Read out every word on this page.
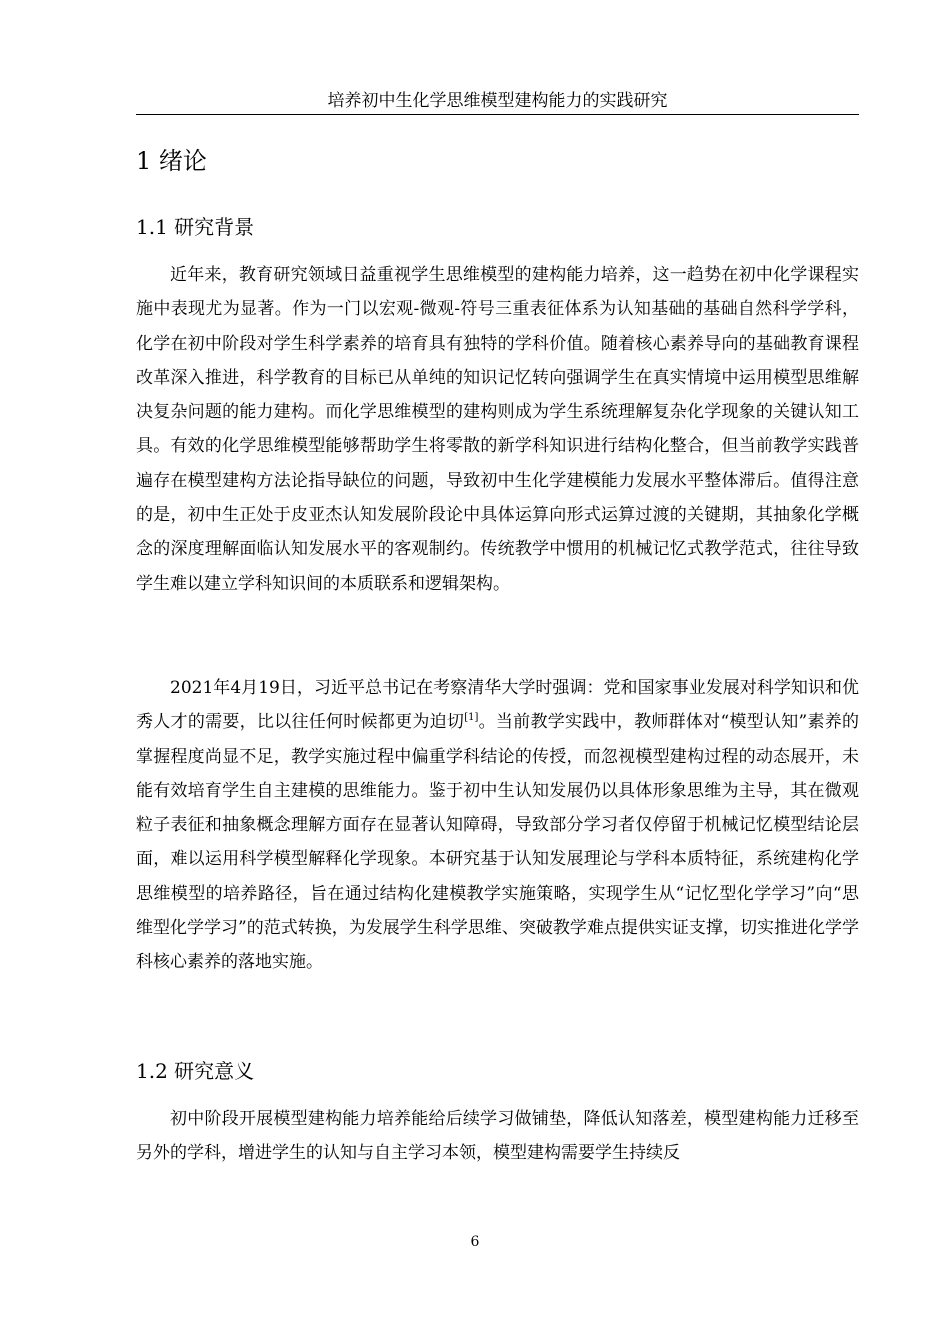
培养初中生化学思维模型建构能力的实践研究
1 绪论
1.1 研究背景

近年来，教育研究领域日益重视学生思维模型的建构能力培养，这一趋势在初中化学课程实施中表现尤为显著。作为一门以宏观-微观-符号三重表征体系为认知基础的基础自然科学学科，化学在初中阶段对学生科学素养的培育具有独特的学科价值。随着核心素养导向的基础教育课程改革深入推进，科学教育的目标已从单纯的知识记忆转向强调学生在真实情境中运用模型思维解决复杂问题的能力建构。而化学思维模型的建构则成为学生系统理解复杂化学现象的关键认知工具。有效的化学思维模型能够帮助学生将零散的新学科知识进行结构化整合，但当前教学实践普遍存在模型建构方法论指导缺位的问题，导致初中生化学建模能力发展水平整体滞后。值得注意的是，初中生正处于皮亚杰认知发展阶段论中具体运算向形式运算过渡的关键期，其抽象化学概念的深度理解面临认知发展水平的客观制约。传统教学中惯用的机械记忆式教学范式，往往导致学生难以建立学科知识间的本质联系和逻辑架构。

2021年4月19日，习近平总书记在考察清华大学时强调：党和国家事业发展对科学知识和优秀人才的需要，比以往任何时候都更为迫切[1]。当前教学实践中，教师群体对“模型认知”素养的掌握程度尚显不足，教学实施过程中偏重学科结论的传授，而忽视模型建构过程的动态展开，未能有效培育学生自主建模的思维能力。鉴于初中生认知发展仍以具体形象思维为主导，其在微观粒子表征和抽象概念理解方面存在显著认知障碍，导致部分学习者仅停留于机械记忆模型结论层面，难以运用科学模型解释化学现象。本研究基于认知发展理论与学科本质特征，系统建构化学思维模型的培养路径，旨在通过结构化建模教学实施策略，实现学生从“记忆型化学学习”向“思维型化学学习”的范式转换，为发展学生科学思维、突破教学难点提供实证支撑，切实推进化学学科核心素养的落地实施。

1.2 研究意义

初中阶段开展模型建构能力培养能给后续学习做铺垫，降低认知落差，模型建构能力迁移至另外的学科，增进学生的认知与自主学习本领，模型建构需要学生持续反

6
